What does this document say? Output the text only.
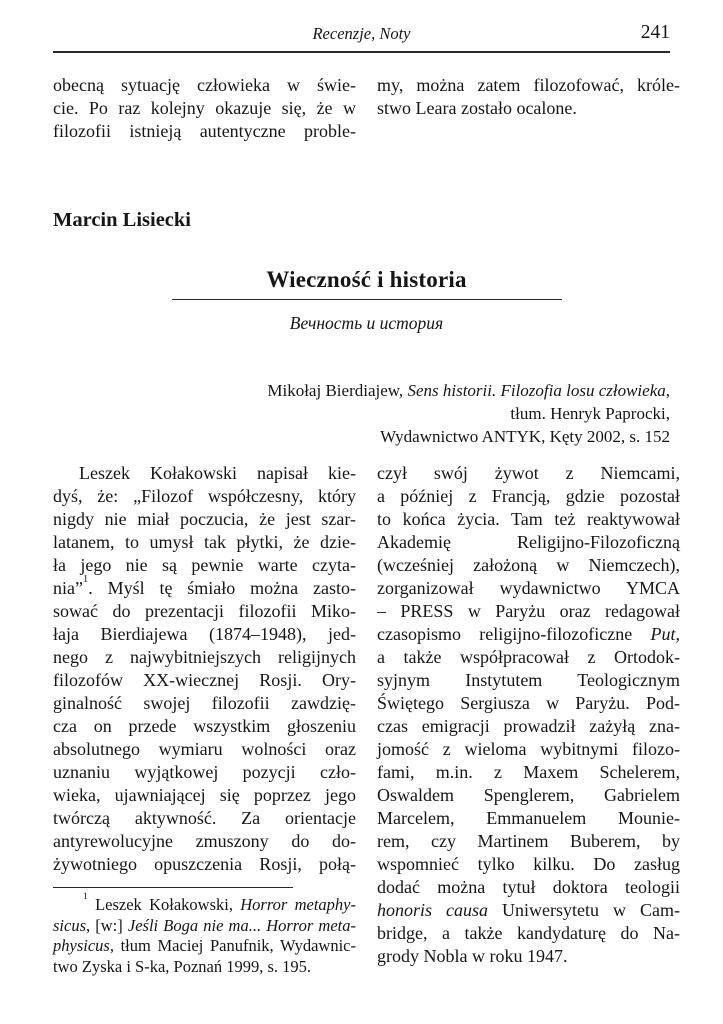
Recenzje, Noty	241
obecną sytuację człowieka w świe-
cie. Po raz kolejny okazuje się, że w
filozofii istnieją autentyczne proble-
my, można zatem filozofować, króle-
stwo Leara zostało ocalone.
Marcin Lisiecki
Wieczność i historia
Вечность и история
Mikołaj Bierdiajew, Sens historii. Filozofia losu człowieka,
tłum. Henryk Paprocki,
Wydawnictwo ANTYK, Kęty 2002, s. 152
Leszek Kołakowski napisał kie-
dyś, że: „Filozof współczesny, który
nigdy nie miał poczucia, że jest szar-
latanem, to umysł tak płytki, że dzie-
ła jego nie są pewnie warte czyta-
nia”$^1$. Myśl tę śmiało można zasto-
sować do prezentacji filozofii Miko-
łaja Bierdiajewa (1874–1948), jed-
nego z najwybitniejszych religijnych
filozofów XX-wiecznej Rosji. Ory-
ginalność swojej filozofii zawdzię-
cza on przede wszystkim głoszeniu
absolutnego wymiaru wolności oraz
uznaniu wyjątkowej pozycji czło-
wieka, ujawniającej się poprzez jego
twórczą aktywność. Za orientacje
antyrewolucyjne zmuszony do do-
żywotniego opuszczenia Rosji, połą-
$^1$ Leszek Kołakowski, Horror metaphy-
sicus, [w:] Jeśli Boga nie ma... Horror meta-
physicus, tłum Maciej Panufnik, Wydawnic-
two Zyska i S-ka, Poznań 1999, s. 195.
czył swój żywot z Niemcami,
a później z Francją, gdzie pozostał
to końca życia. Tam też reaktywował
Akademię Religijno-Filozoficzną
(wcześniej założoną w Niemczech),
zorganizował wydawnictwo YMCA
– PRESS w Paryżu oraz redagował
czasopismo religijno-filozoficzne Put,
a także współpracował z Ortodok-
syjnym Instytutem Teologicznym
Świętego Sergiusza w Paryżu. Pod-
czas emigracji prowadził zażyłą zna-
jomość z wieloma wybitnymi filozo-
fami, m.in. z Maxem Schelerem,
Oswaldem Spenglerem, Gabrielem
Marcelem, Emmanuelem Mounie-
rem, czy Martinem Buberem, by
wspomnieć tylko kilku. Do zasług
dodać można tytuł doktora teologii
honoris causa Uniwersytetu w Cam-
bridge, a także kandydaturę do Na-
grody Nobla w roku 1947.
